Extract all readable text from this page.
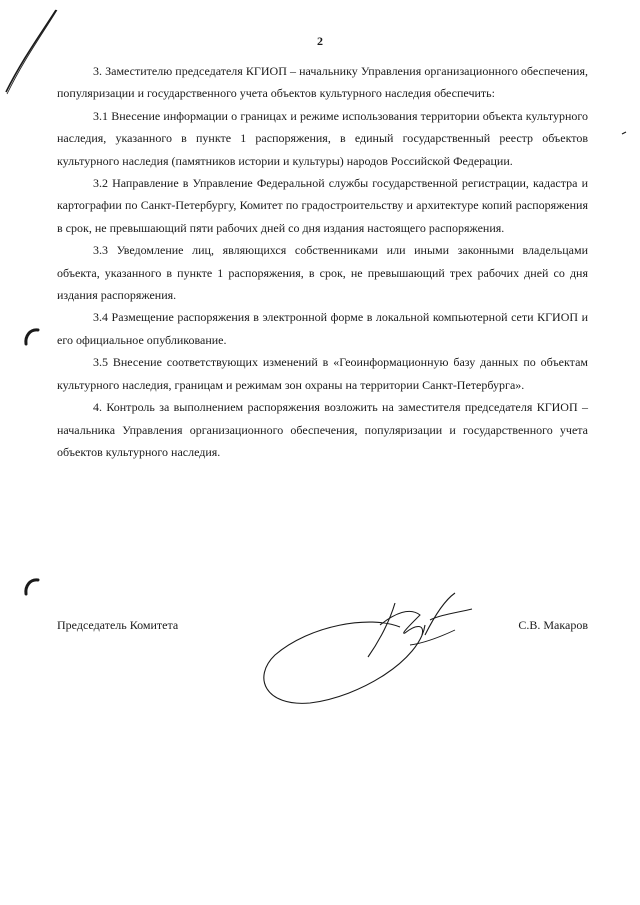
2

3. Заместителю председателя КГИОП – начальнику Управления организационного обеспечения, популяризации и государственного учета объектов культурного наследия обеспечить:

3.1 Внесение информации о границах и режиме использования территории объекта культурного наследия, указанного в пункте 1 распоряжения, в единый государственный реестр объектов культурного наследия (памятников истории и культуры) народов Российской Федерации.

3.2 Направление в Управление Федеральной службы государственной регистрации, кадастра и картографии по Санкт-Петербургу, Комитет по градостроительству и архитектуре копий распоряжения в срок, не превышающий пяти рабочих дней со дня издания настоящего распоряжения.

3.3 Уведомление лиц, являющихся собственниками или иными законными владельцами объекта, указанного в пункте 1 распоряжения, в срок, не превышающий трех рабочих дней со дня издания распоряжения.

3.4 Размещение распоряжения в электронной форме в локальной компьютерной сети КГИОП и его официальное опубликование.

3.5 Внесение соответствующих изменений в «Геоинформационную базу данных по объектам культурного наследия, границам и режимам зон охраны на территории Санкт-Петербурга».

4. Контроль за выполнением распоряжения возложить на заместителя председателя КГИОП – начальника Управления организационного обеспечения, популяризации и государственного учета объектов культурного наследия.

Председатель Комитета	С.В. Макаров
